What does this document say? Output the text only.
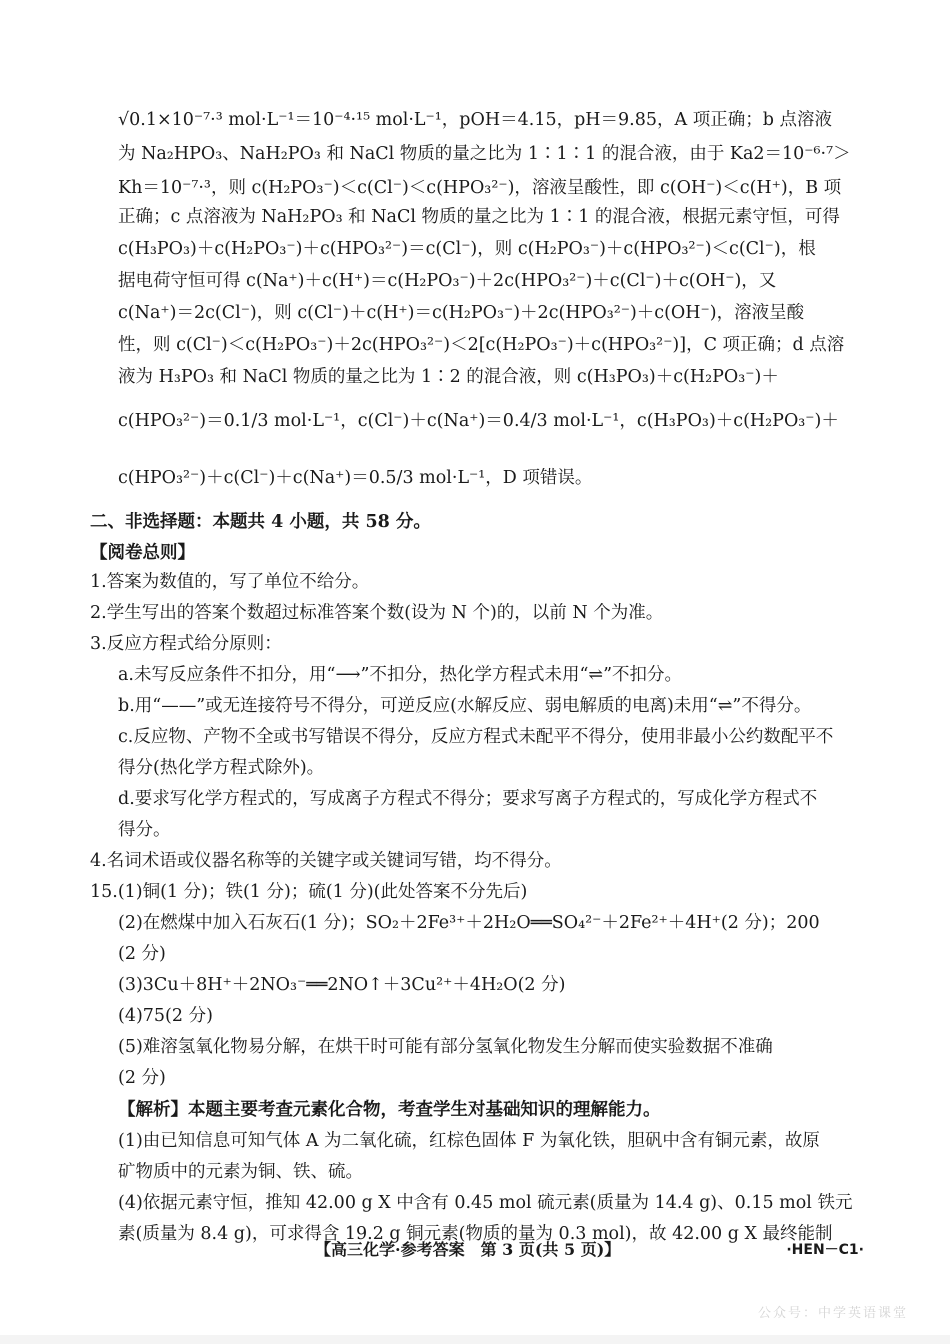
√0.1×10⁻⁷·³ mol·L⁻¹＝10⁻⁴·¹⁵ mol·L⁻¹，pOH＝4.15，pH＝9.85，A 项正确；b 点溶液
为 Na₂HPO₃、NaH₂PO₃ 和 NaCl 物质的量之比为 1∶1∶1 的混合液，由于 Ka2＝10⁻⁶·⁷＞
Kh＝10⁻⁷·³，则 c(H₂PO₃⁻)＜c(Cl⁻)＜c(HPO₃²⁻)，溶液呈酸性，即 c(OH⁻)＜c(H⁺)，B 项
正确；c 点溶液为 NaH₂PO₃ 和 NaCl 物质的量之比为 1∶1 的混合液，根据元素守恒，可得
c(H₃PO₃)＋c(H₂PO₃⁻)＋c(HPO₃²⁻)＝c(Cl⁻)，则 c(H₂PO₃⁻)＋c(HPO₃²⁻)＜c(Cl⁻)，根
据电荷守恒可得 c(Na⁺)＋c(H⁺)＝c(H₂PO₃⁻)＋2c(HPO₃²⁻)＋c(Cl⁻)＋c(OH⁻)，又
c(Na⁺)＝2c(Cl⁻)，则 c(Cl⁻)＋c(H⁺)＝c(H₂PO₃⁻)＋2c(HPO₃²⁻)＋c(OH⁻)，溶液呈酸
性，则 c(Cl⁻)＜c(H₂PO₃⁻)＋2c(HPO₃²⁻)＜2[c(H₂PO₃⁻)＋c(HPO₃²⁻)]，C 项正确；d 点溶
液为 H₃PO₃ 和 NaCl 物质的量之比为 1∶2 的混合液，则 c(H₃PO₃)＋c(H₂PO₃⁻)＋
c(HPO₃²⁻)＝0.1/3 mol·L⁻¹，c(Cl⁻)＋c(Na⁺)＝0.4/3 mol·L⁻¹，c(H₃PO₃)＋c(H₂PO₃⁻)＋
c(HPO₃²⁻)＋c(Cl⁻)＋c(Na⁺)＝0.5/3 mol·L⁻¹，D 项错误。
二、非选择题：本题共 4 小题，共 58 分。
【阅卷总则】
1.答案为数值的，写了单位不给分。
2.学生写出的答案个数超过标准答案个数(设为 N 个)的，以前 N 个为准。
3.反应方程式给分原则：
a.未写反应条件不扣分，用“⟶”不扣分，热化学方程式未用“⇌”不扣分。
b.用“——”或无连接符号不得分，可逆反应(水解反应、弱电解质的电离)未用“⇌”不得分。
c.反应物、产物不全或书写错误不得分，反应方程式未配平不得分，使用非最小公约数配平不
得分(热化学方程式除外)。
d.要求写化学方程式的，写成离子方程式不得分；要求写离子方程式的，写成化学方程式不
得分。
4.名词术语或仪器名称等的关键字或关键词写错，均不得分。
15.(1)铜(1 分)；铁(1 分)；硫(1 分)(此处答案不分先后)
(2)在燃煤中加入石灰石(1 分)；SO₂＋2Fe³⁺＋2H₂O══SO₄²⁻＋2Fe²⁺＋4H⁺(2 分)；200
(2 分)
(3)3Cu＋8H⁺＋2NO₃⁻══2NO↑＋3Cu²⁺＋4H₂O(2 分)
(4)75(2 分)
(5)难溶氢氧化物易分解，在烘干时可能有部分氢氧化物发生分解而使实验数据不准确
(2 分)
【解析】本题主要考查元素化合物，考查学生对基础知识的理解能力。
(1)由已知信息可知气体 A 为二氧化硫，红棕色固体 F 为氧化铁，胆矾中含有铜元素，故原
矿物质中的元素为铜、铁、硫。
(4)依据元素守恒，推知 42.00 g X 中含有 0.45 mol 硫元素(质量为 14.4 g)、0.15 mol 铁元
素(质量为 8.4 g)，可求得含 19.2 g 铜元素(物质的量为 0.3 mol)，故 42.00 g X 最终能制
【高三化学·参考答案　第 3 页(共 5 页)】	·HEN－C1·
公众号：中学英语课堂
